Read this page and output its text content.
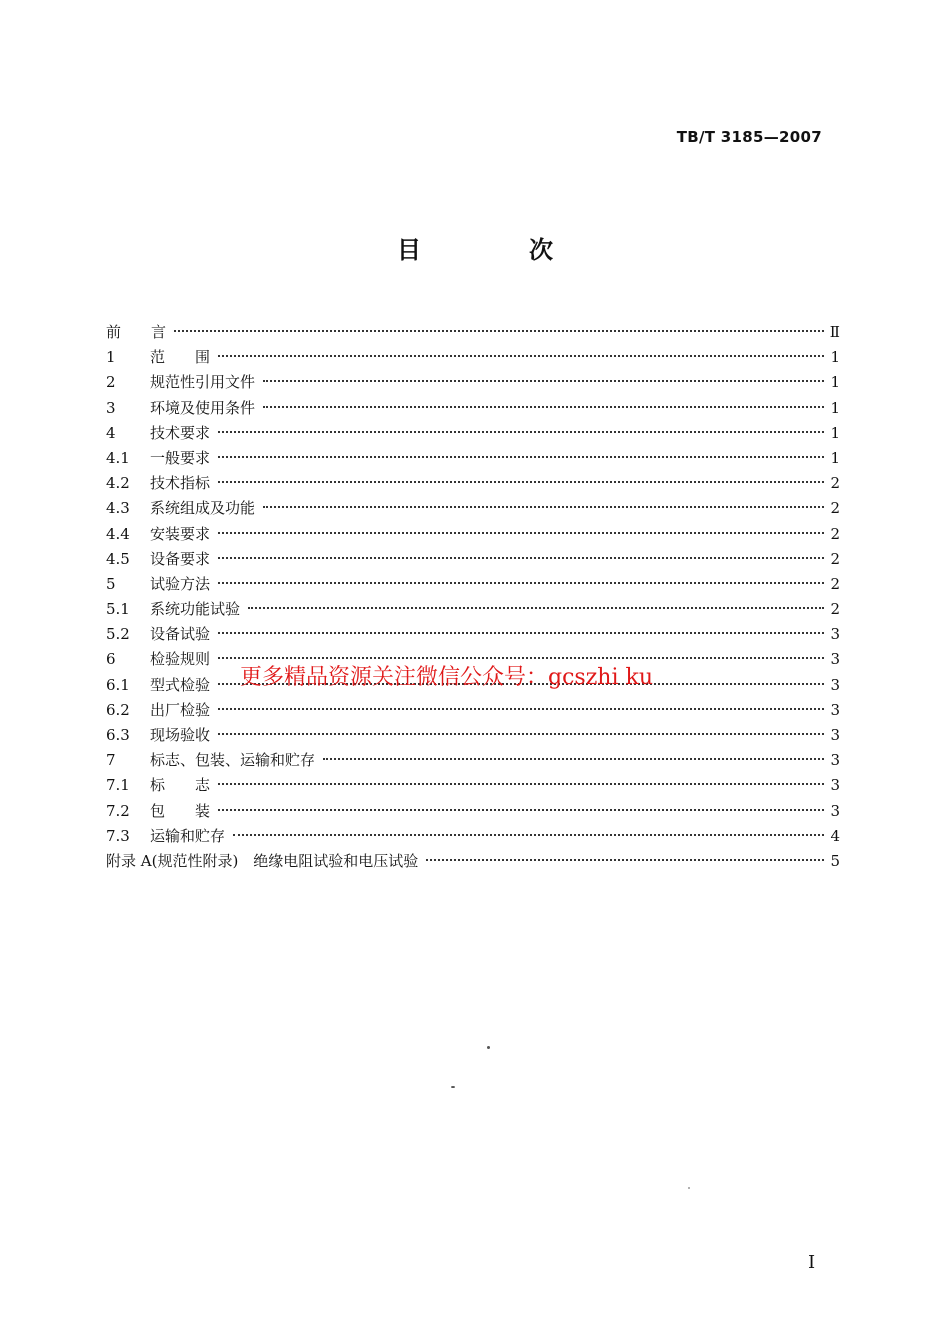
TB/T 3185—2007
目　次
前　　言	Ⅱ
1	范　　围	1
2	规范性引用文件	1
3	环境及使用条件	1
4	技术要求	1
4.1 一般要求	1
4.2 技术指标	2
4.3 系统组成及功能	2
4.4 安装要求	2
4.5 设备要求	2
5	试验方法	2
5.1 系统功能试验	2
5.2 设备试验	3
6	检验规则	3
6.1 型式检验	3
6.2 出厂检验	3
6.3 现场验收	3
7	标志、包装、运输和贮存	3
7.1 标　　志	3
7.2 包　　装	3
7.3 运输和贮存	4
附录 A(规范性附录)　绝缘电阻试验和电压试验	5
更多精品资源关注微信公众号：gcszhi ku
I
